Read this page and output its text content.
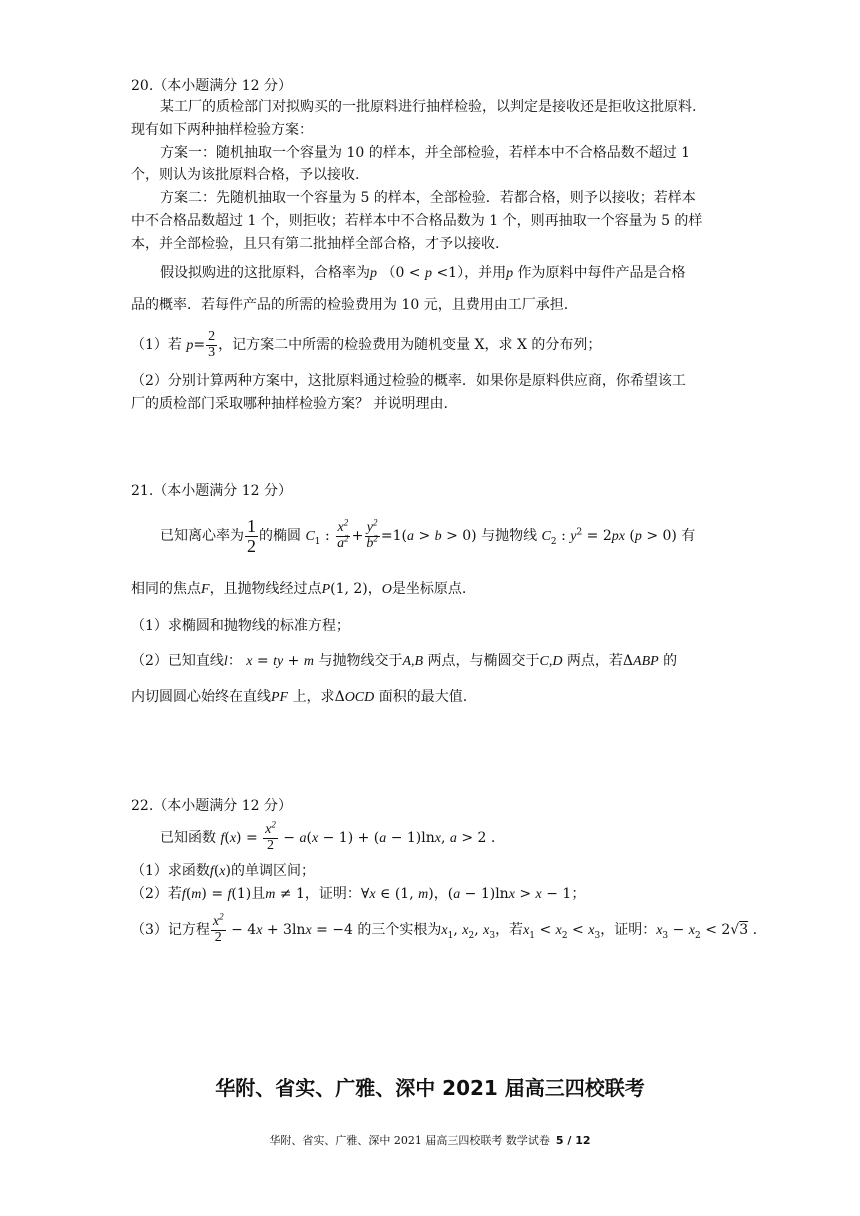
20.（本小题满分 12 分）
某工厂的质检部门对拟购买的一批原料进行抽样检验，以判定是接收还是拒收这批原料.
现有如下两种抽样检验方案：
方案一：随机抽取一个容量为 10 的样本，并全部检验，若样本中不合格品数不超过 1
个，则认为该批原料合格，予以接收.
方案二：先随机抽取一个容量为 5 的样本，全部检验．若都合格，则予以接收；若样本
中不合格品数超过 1 个，则拒收；若样本中不合格品数为 1 个，则再抽取一个容量为 5 的样
本，并全部检验，且只有第二批抽样全部合格，才予以接收.
假设拟购进的这批原料，合格率为p （0 < p <1），并用p 作为原料中每件产品是合格
品的概率．若每件产品的所需的检验费用为 10 元，且费用由工厂承担.
（1）若 $p= \frac{2}{3}$ ，记方案二中所需的检验费用为随机变量 X，求 X 的分布列；
（2）分别计算两种方案中，这批原料通过检验的概率．如果你是原料供应商，你希望该工
厂的质检部门采取哪种抽样检验方案？ 并说明理由.
21.（本小题满分 12 分）
已知离心率为 $\frac{1}{2}$ 的椭圆 $C_1$ : $\frac{x^2}{a^2} + \frac{y^2}{b^2} =1(a > b > 0)$ 与抛物线 $C_2$ : $y^2 = 2px$ (p > 0) 有
相同的焦点F，且抛物线经过点P(1, 2)，O是坐标原点.
（1）求椭圆和抛物线的标准方程；
（2）已知直线l： x = ty + m 与抛物线交于A,B 两点，与椭圆交于C,D 两点，若ΔABP 的
内切圆圆心始终在直线PF 上，求ΔOCD 面积的最大值.
22.（本小题满分 12 分）
已知函数 $f(x) = \frac{x^2}{2} - a(x - 1) + (a - 1)\ln x$, a > 2 .
（1）求函数f(x)的单调区间；
（2）若f(m) = f(1)且m ≠ 1，证明：∀x ∈ (1, m)，(a − 1)lnx > x − 1；
（3）记方程 $\frac{x^2}{2} - 4x + 3\ln x = -4$ 的三个实根为$x_1$, $x_2$, $x_3$，若$x_1 < x_2 < x_3$，证明：$x_3 - x_2 < 2√3$ .
华附、省实、广雅、深中 2021 届高三四校联考
华附、省实、广雅、深中 2021 届高三四校联考 数学试卷 5 / 12
